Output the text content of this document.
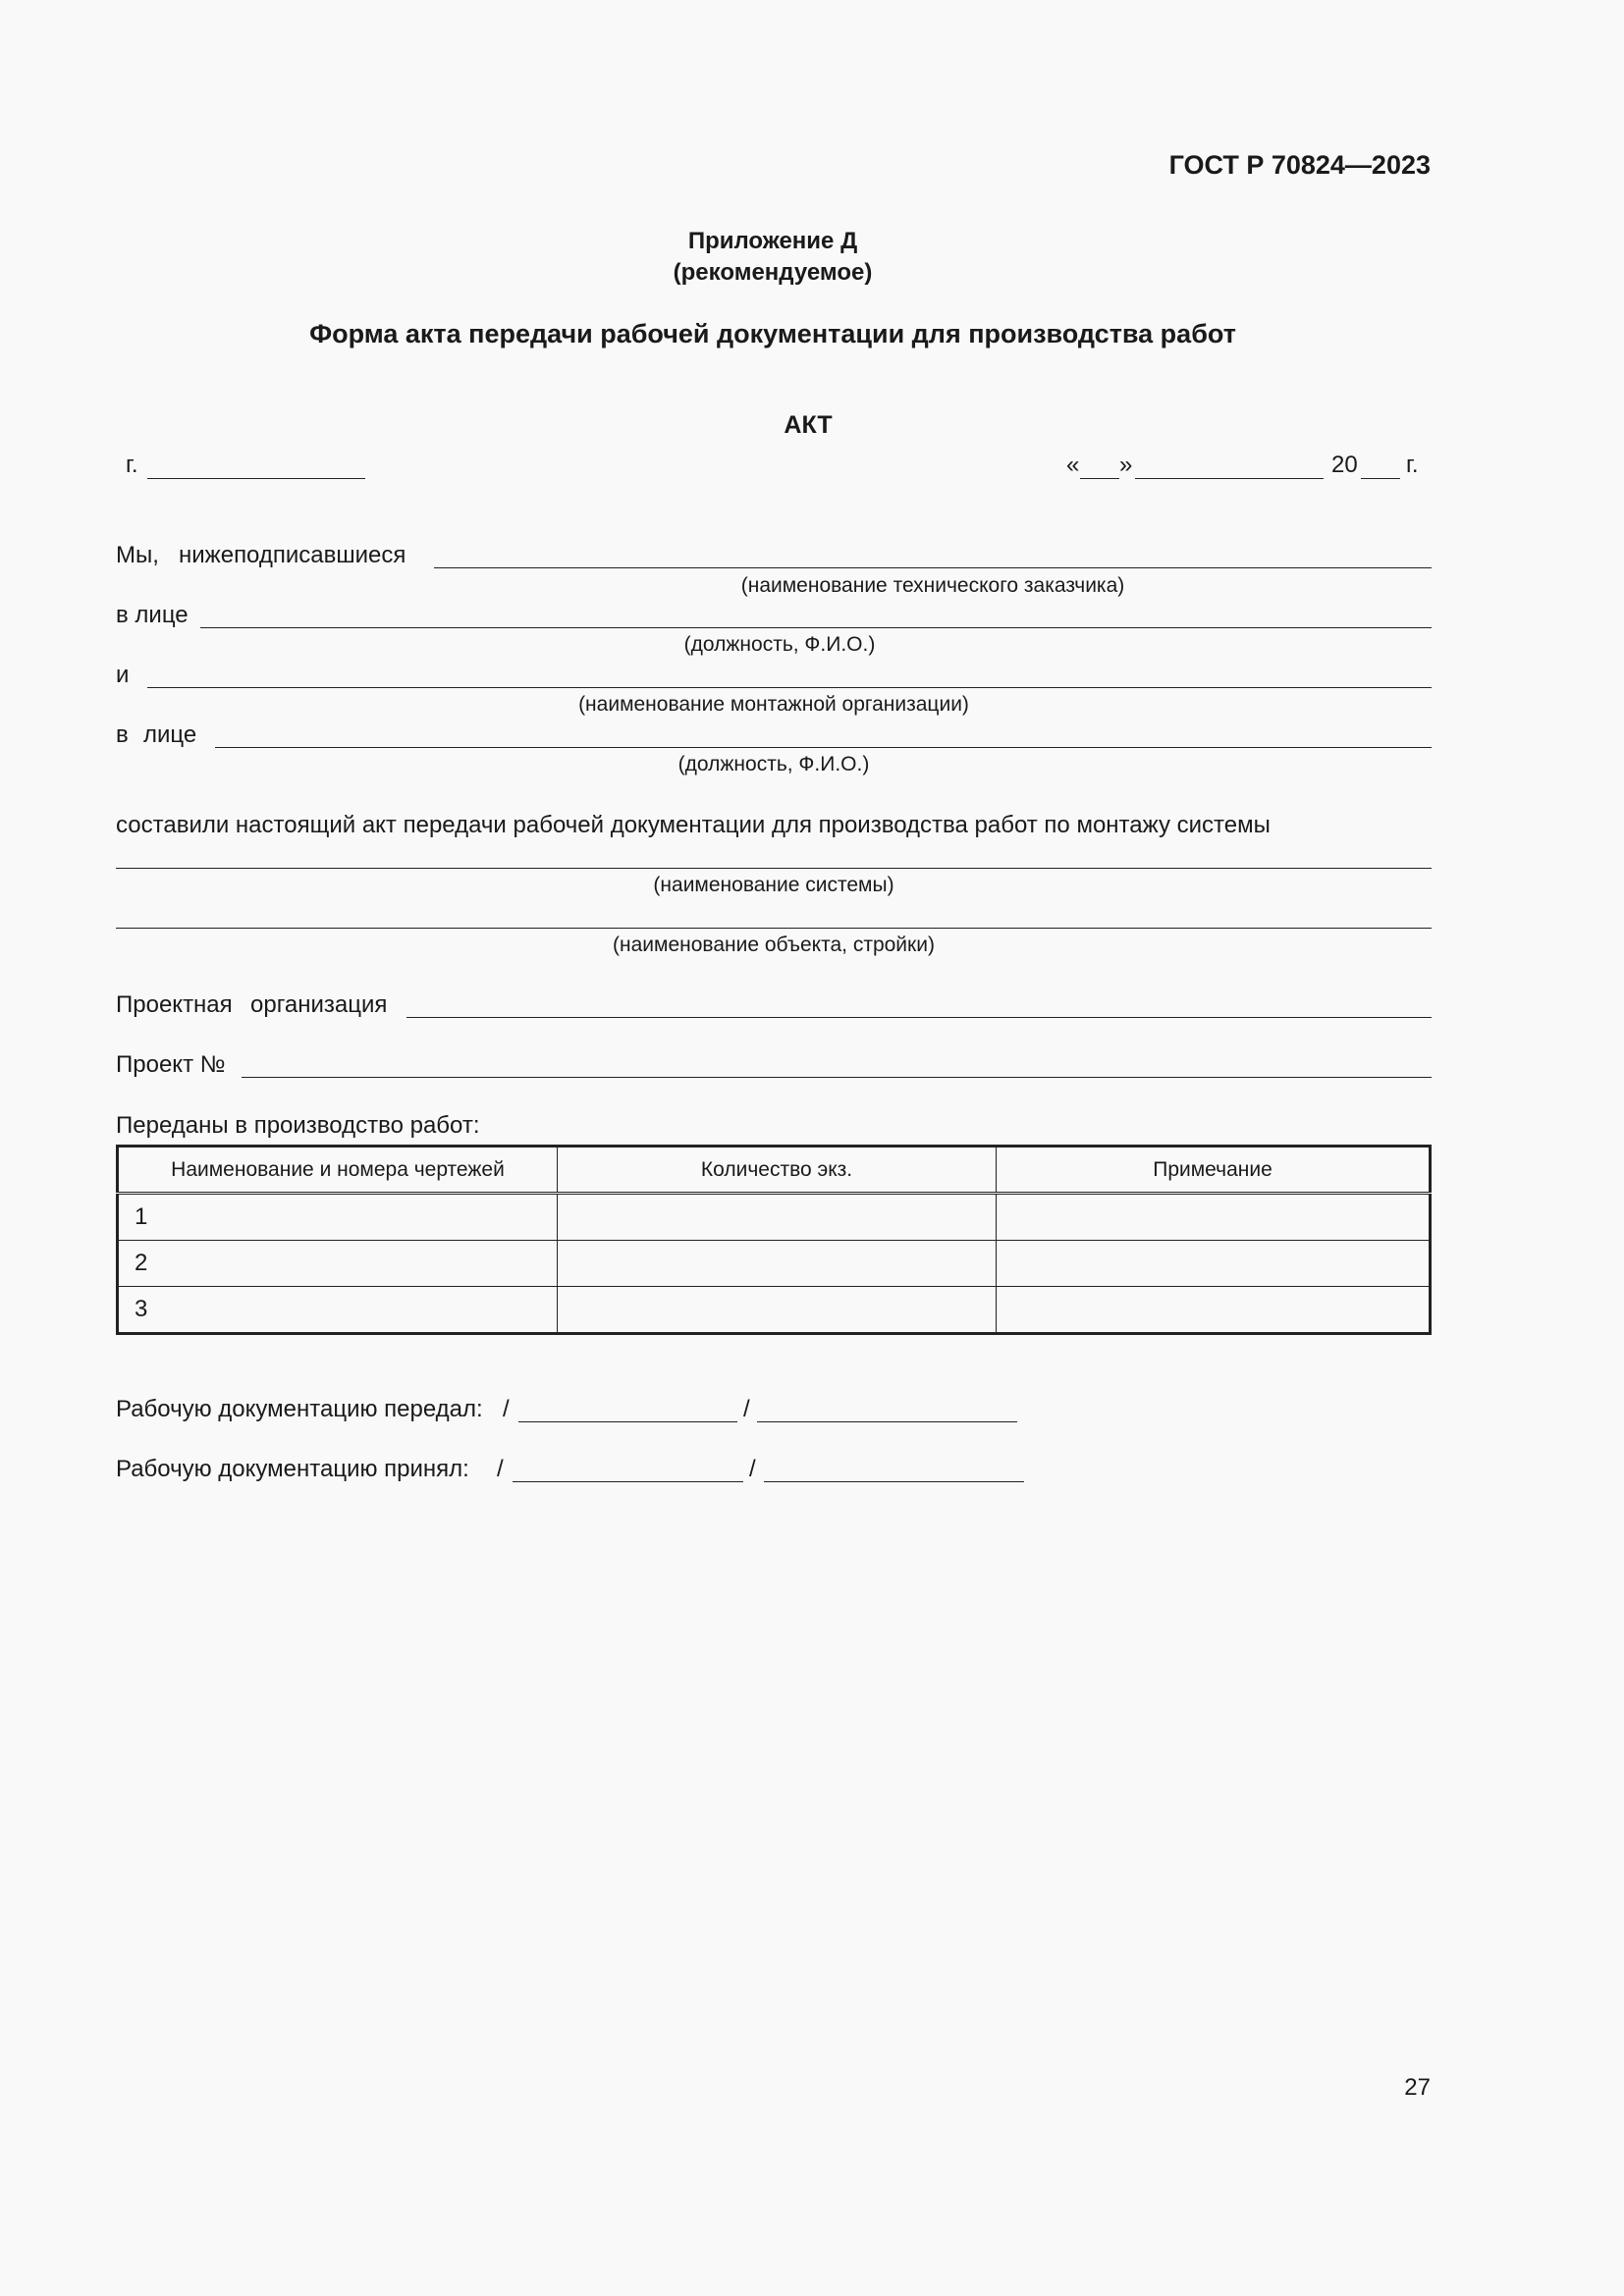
ГОСТ Р 70824—2023
Приложение Д
(рекомендуемое)
Форма акта передачи рабочей документации для производства работ
АКТ
г.	« »	20 г.
Мы, нижеподписавшиеся
(наименование технического заказчика)
в лице
(должность, Ф.И.О.)
и
(наименование монтажной организации)
в лице
(должность, Ф.И.О.)
составили настоящий акт передачи рабочей документации для производства работ по монтажу системы
(наименование системы)
(наименование объекта, стройки)
Проектная организация
Проект №
Переданы в производство работ:
Наименование и номера чертежей	Количество экз.	Примечание
1		
2		
3		
Рабочую документацию передал: /	/
Рабочую документацию принял: /	/
27
